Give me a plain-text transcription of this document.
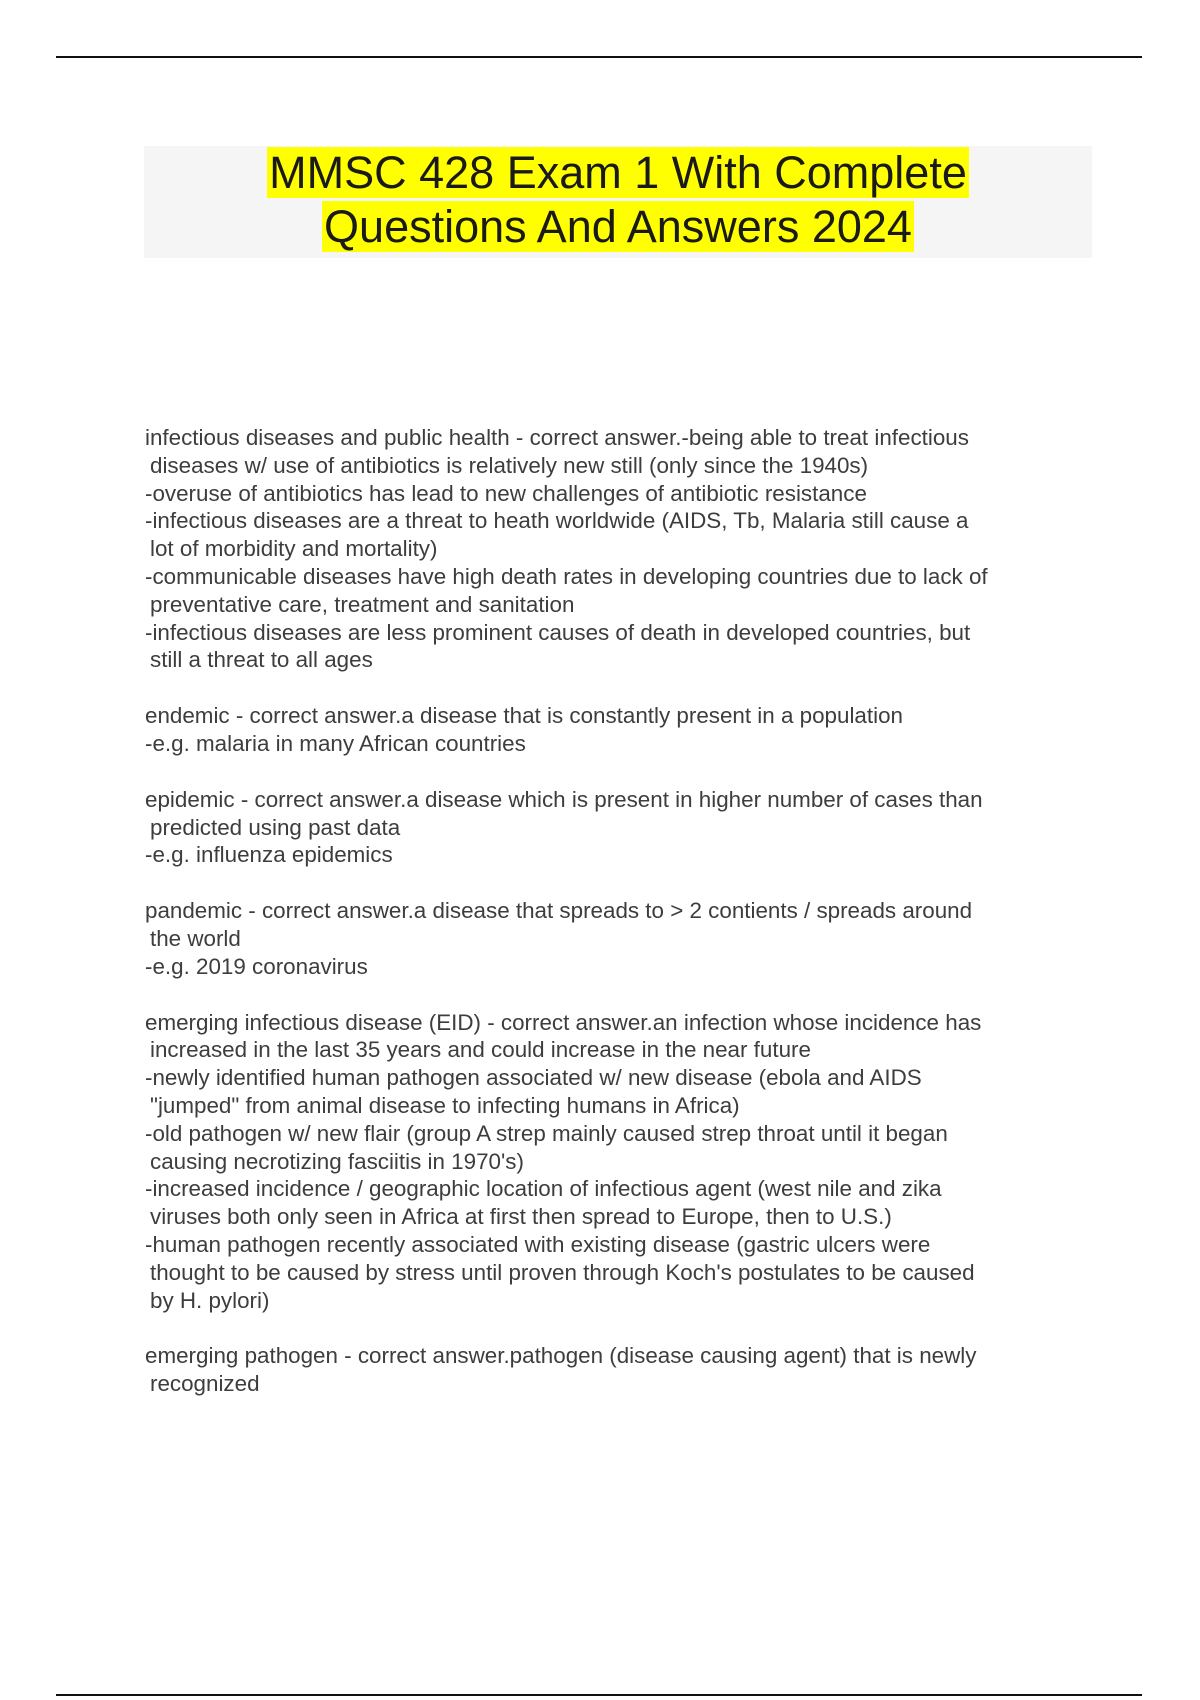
MMSC 428 Exam 1 With Complete
Questions And Answers 2024
infectious diseases and public health - correct answer.-being able to treat infectious
diseases w/ use of antibiotics is relatively new still (only since the 1940s)
-overuse of antibiotics has lead to new challenges of antibiotic resistance
-infectious diseases are a threat to heath worldwide (AIDS, Tb, Malaria still cause a
lot of morbidity and mortality)
-communicable diseases have high death rates in developing countries due to lack of
preventative care, treatment and sanitation
-infectious diseases are less prominent causes of death in developed countries, but
still a threat to all ages
endemic - correct answer.a disease that is constantly present in a population
-e.g. malaria in many African countries
epidemic - correct answer.a disease which is present in higher number of cases than
predicted using past data
-e.g. influenza epidemics
pandemic - correct answer.a disease that spreads to > 2 contients / spreads around
the world
-e.g. 2019 coronavirus
emerging infectious disease (EID) - correct answer.an infection whose incidence has
increased in the last 35 years and could increase in the near future
-newly identified human pathogen associated w/ new disease (ebola and AIDS
"jumped" from animal disease to infecting humans in Africa)
-old pathogen w/ new flair (group A strep mainly caused strep throat until it began
causing necrotizing fasciitis in 1970's)
-increased incidence / geographic location of infectious agent (west nile and zika
viruses both only seen in Africa at first then spread to Europe, then to U.S.)
-human pathogen recently associated with existing disease (gastric ulcers were
thought to be caused by stress until proven through Koch's postulates to be caused
by H. pylori)
emerging pathogen - correct answer.pathogen (disease causing agent) that is newly
recognized
